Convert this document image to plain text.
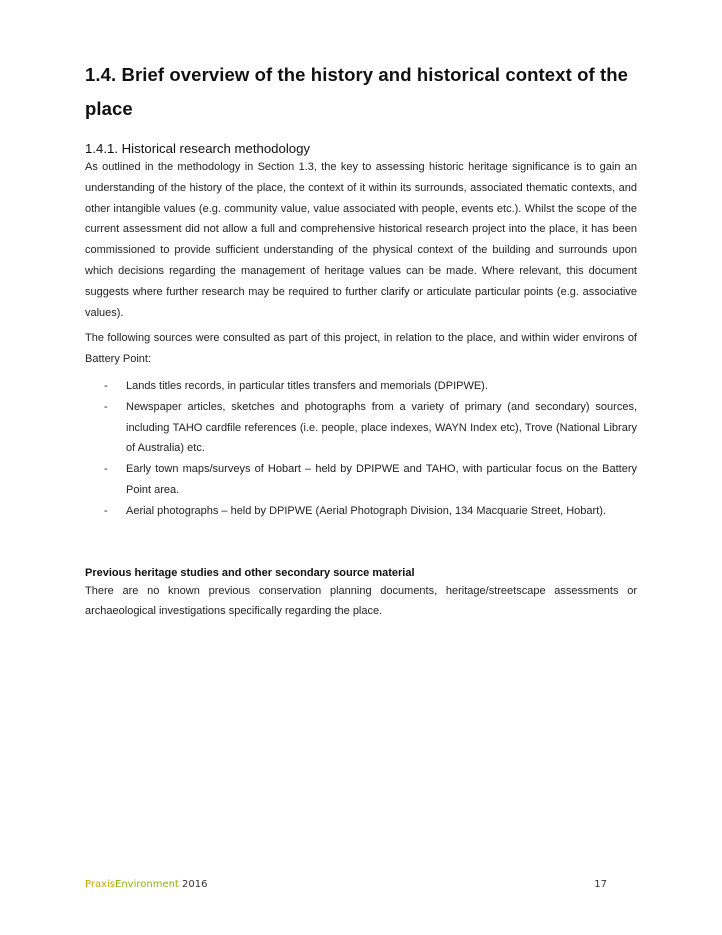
1.4. Brief overview of the history and historical context of the place
1.4.1. Historical research methodology

As outlined in the methodology in Section 1.3, the key to assessing historic heritage significance is to gain an understanding of the history of the place, the context of it within its surrounds, associated thematic contexts, and other intangible values (e.g. community value, value associated with people, events etc.). Whilst the scope of the current assessment did not allow a full and comprehensive historical research project into the place, it has been commissioned to provide sufficient understanding of the physical context of the building and surrounds upon which decisions regarding the management of heritage values can be made. Where relevant, this document suggests where further research may be required to further clarify or articulate particular points (e.g. associative values).

The following sources were consulted as part of this project, in relation to the place, and within wider environs of Battery Point:

- Lands titles records, in particular titles transfers and memorials (DPIPWE).
- Newspaper articles, sketches and photographs from a variety of primary (and secondary) sources, including TAHO cardfile references (i.e. people, place indexes, WAYN Index etc), Trove (National Library of Australia) etc.
- Early town maps/surveys of Hobart – held by DPIPWE and TAHO, with particular focus on the Battery Point area.
- Aerial photographs – held by DPIPWE (Aerial Photograph Division, 134 Macquarie Street, Hobart).
Previous heritage studies and other secondary source material

There are no known previous conservation planning documents, heritage/streetscape assessments or archaeological investigations specifically regarding the place.

PraxisEnvironment 2016	17
